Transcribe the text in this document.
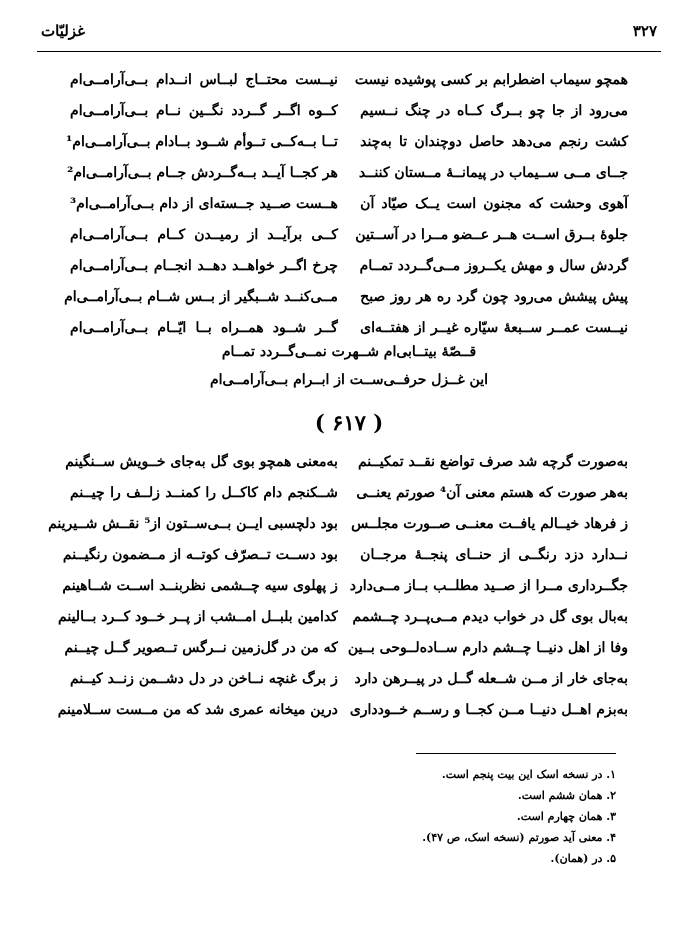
۳۲۷
غزلیّات
همچو سیماب اضطرابم بر کسی پوشیده نیست
نیــست محتــاج لبــاس انــدام بــی‌آرامــی‌ام
می‌رود از جا چو بــرگ کــاه در چنگ نــسیم
کــوه اگــر گــردد نگــین نــام بــی‌آرامــی‌ام
کشت رنجم می‌دهد حاصل دوچندان تا به‌چند
تــا بــه‌کــی تــوأم شــود بــادام بــی‌آرامــی‌ام¹
جــای مــی ســیماب در پیمانــهٔ مــستان کننــد
هر کجــا آیــد بــه‌گــردش جــام بــی‌آرامــی‌ام²
آهوی وحشت که مجنون است یــک صیّاد آن
هــست صــید جــسته‌ای از دام بــی‌آرامــی‌ام³
جلوهٔ بــرق اســت هــر عــضو مــرا در آســتین
کــی برآیــد از رمیــدن کــام بــی‌آرامــی‌ام
گردش سال و مهش یکــروز مــی‌گــردد تمــام
چرخ اگــر خواهــد دهــد انجــام بــی‌آرامــی‌ام
پیش پیشش می‌رود چون گرد ره هر روز صبح
مــی‌کنــد شــبگیر از بــس شــام بــی‌آرامــی‌ام
نیــست عمــر ســبعهٔ سیّاره غیــر از هفتــه‌ای
گــر شــود همــراه بــا ایّــام بــی‌آرامــی‌ام
قــصّهٔ بیتــابی‌ام شــهرت نمــی‌گــردد تمــام
این غــزل حرفــی‌ســت از ابــرام بــی‌آرامــی‌ام
( ۶۱۷ )
به‌صورت گرچه شد صرف تواضع نقــد تمکیــنم
به‌معنی همچو بوی گل به‌جای خــویش ســنگینم
به‌هر صورت که هستم معنی آن⁴ صورتم یعنــی
شــکنجم دام کاکــل را کمنــد زلــف را چیــنم
ز فرهاد خیــالم یافــت معنــی صــورت مجلــس
بود دلچسبی ایــن بــی‌ســتون از⁵ نقــش شــیرینم
نــدارد دزد رنگــی از حنــای پنجــهٔ مرجــان
بود دســت تــصرّف کوتــه از مــضمون رنگیــنم
جگــرداری مــرا از صــید مطلــب بــاز مــی‌دارد
ز پهلوی سیه چــشمی نظربنــد اســت شــاهینم
به‌بال بوی گل در خواب دیدم مــی‌پــرد چــشمم
کدامین بلبــل امــشب از پــر خــود کــرد بــالینم
وفا از اهل دنیــا چــشم دارم ســاده‌لــوحی بــین
که من در گل‌زمین نــرگس تــصویر گــل چیــنم
به‌جای خار از مــن شــعله گــل در پیــرهن دارد
ز برگ غنچه نــاخن در دل دشــمن زنــد کیــنم
به‌بزم اهــل دنیــا مــن کجــا و رســم خــودداری
درین میخانه عمری شد که من مــست ســلامینم
۱. در نسخه اسک این بیت پنجم است.
۲. همان ششم است.
۳. همان چهارم است.
۴. معنی آید صورتم (نسخه اسک، ص ۴۷).
۵. در (همان).
